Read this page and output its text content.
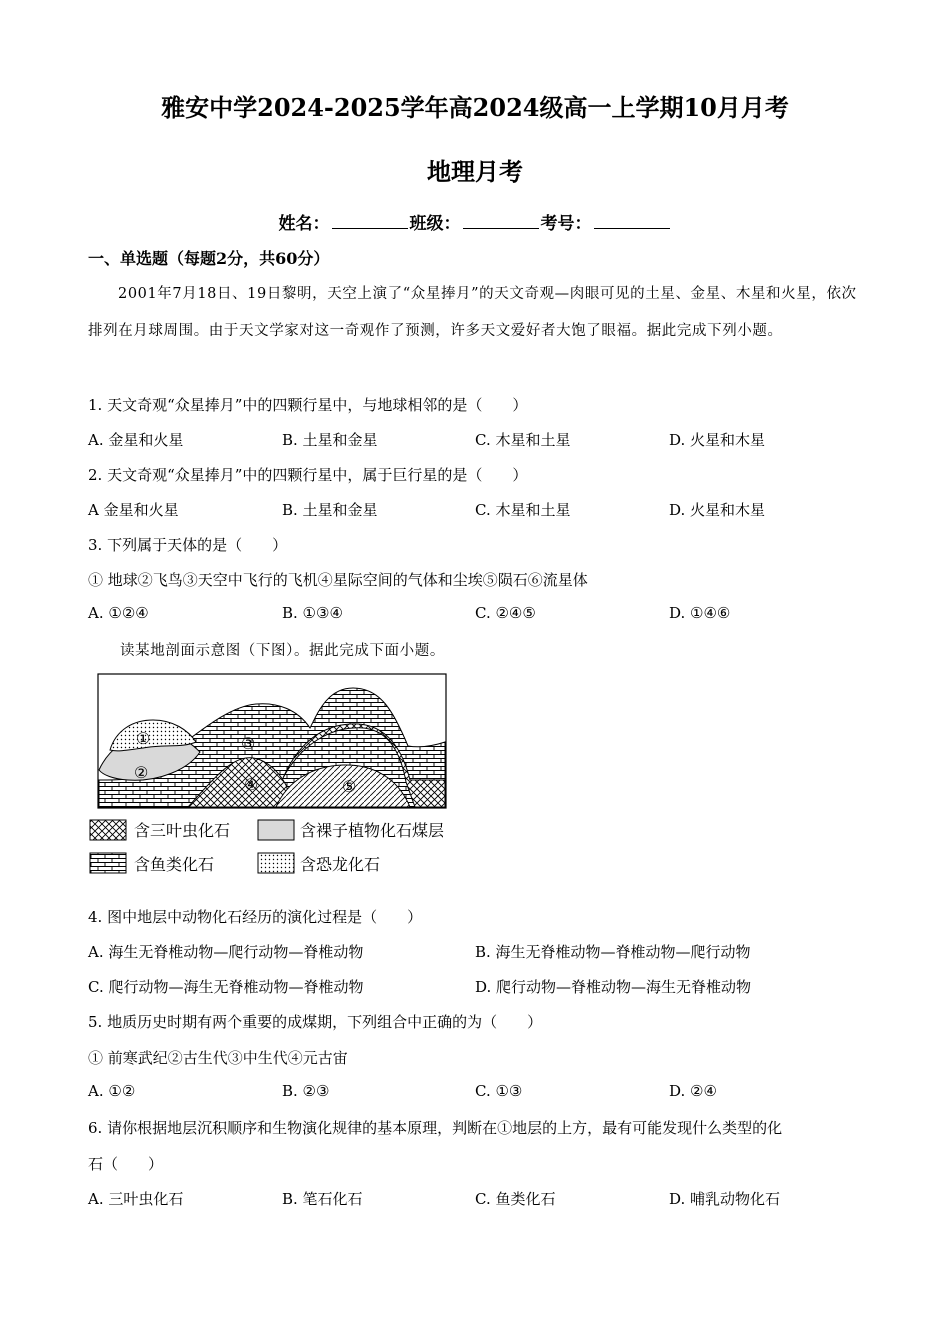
雅安中学2024-2025学年高2024级高一上学期10月月考
地理月考
姓名：	班级：	考号：
一、单选题（每题2分，共60分）
2001年7月18日、19日黎明，天空上演了“众星捧月”的天文奇观—肉眼可见的土星、金星、木星和火星，依次排列在月球周围。由于天文学家对这一奇观作了预测，许多天文爱好者大饱了眼福。据此完成下列小题。
1. 天文奇观“众星捧月”中的四颗行星中，与地球相邻的是（　　）
A. 金星和火星	B. 土星和金星	C. 木星和土星	D. 火星和木星
2. 天文奇观“众星捧月”中的四颗行星中，属于巨行星的是（　　）
A 金星和火星	B. 土星和金星	C. 木星和土星	D. 火星和木星
3. 下列属于天体的是（　　）
① 地球②飞鸟③天空中飞行的飞机④星际空间的气体和尘埃⑤陨石⑥流星体
A. ①②④	B. ①③④	C. ②④⑤	D. ①④⑥
读某地剖面示意图（下图）。据此完成下面小题。
①
②
③
④	⑤
含三叶虫化石	含裸子植物化石煤层
含鱼类化石	含恐龙化石
4. 图中地层中动物化石经历的演化过程是（　　）
A. 海生无脊椎动物—爬行动物—脊椎动物	B. 海生无脊椎动物—脊椎动物—爬行动物
C. 爬行动物—海生无脊椎动物—脊椎动物	D. 爬行动物—脊椎动物—海生无脊椎动物
5. 地质历史时期有两个重要的成煤期，下列组合中正确的为（　　）
① 前寒武纪②古生代③中生代④元古宙
A. ①②	B. ②③	C. ①③	D. ②④
6. 请你根据地层沉积顺序和生物演化规律的基本原理，判断在①地层的上方，最有可能发现什么类型的化
石（　　）
A. 三叶虫化石	B. 笔石化石	C. 鱼类化石	D. 哺乳动物化石
